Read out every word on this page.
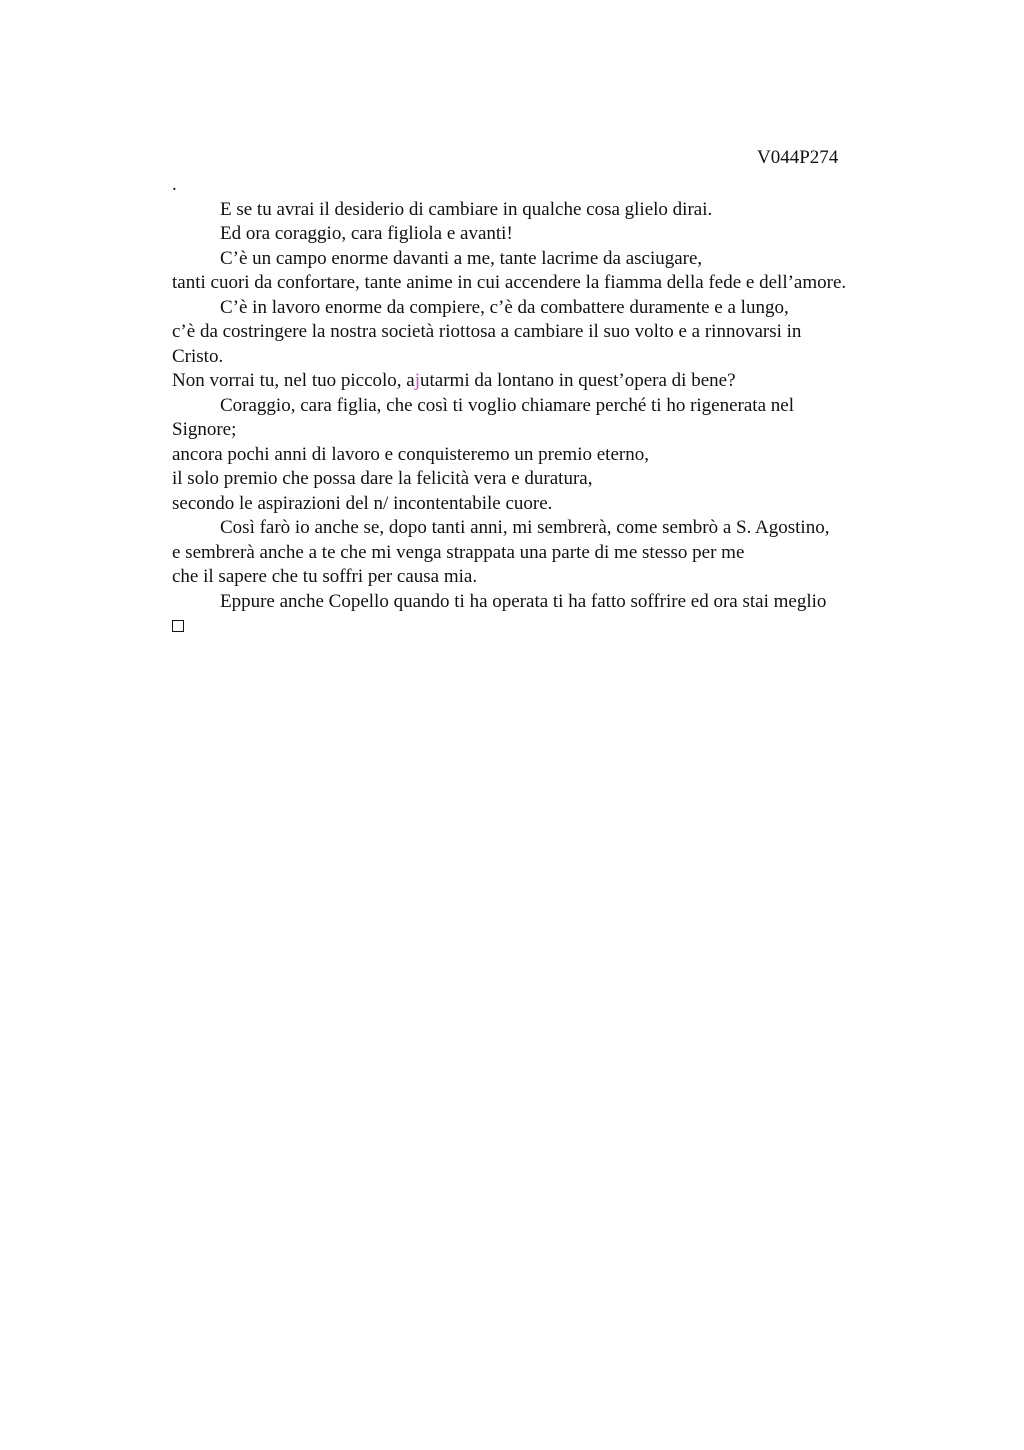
V044P274
.
E se tu avrai il desiderio di cambiare in qualche cosa glielo dirai.
Ed ora coraggio, cara figliola e avanti!
C’è un campo enorme davanti a me, tante lacrime da asciugare,
tanti cuori da confortare, tante anime in cui accendere la fiamma della fede e dell’amore.
C’è in lavoro enorme da compiere, c’è da combattere duramente e a lungo,
c’è da costringere la nostra società riottosa a cambiare il suo volto e a rinnovarsi in
Cristo.
Non vorrai tu, nel tuo piccolo, ajutarmi da lontano in quest’opera di bene?
Coraggio, cara figlia, che così ti voglio chiamare perché ti ho rigenerata nel
Signore;
ancora pochi anni di lavoro e conquisteremo un premio eterno,
il solo premio che possa dare la felicità vera e duratura,
secondo le aspirazioni del n/ incontentabile cuore.
Così farò io anche se, dopo tanti anni, mi sembrerà, come sembrò a S. Agostino,
e sembrerà anche a te che mi venga strappata una parte di me stesso per me
che il sapere che tu soffri per causa mia.
Eppure anche Copello quando ti ha operata ti ha fatto soffrire ed ora stai meglio
